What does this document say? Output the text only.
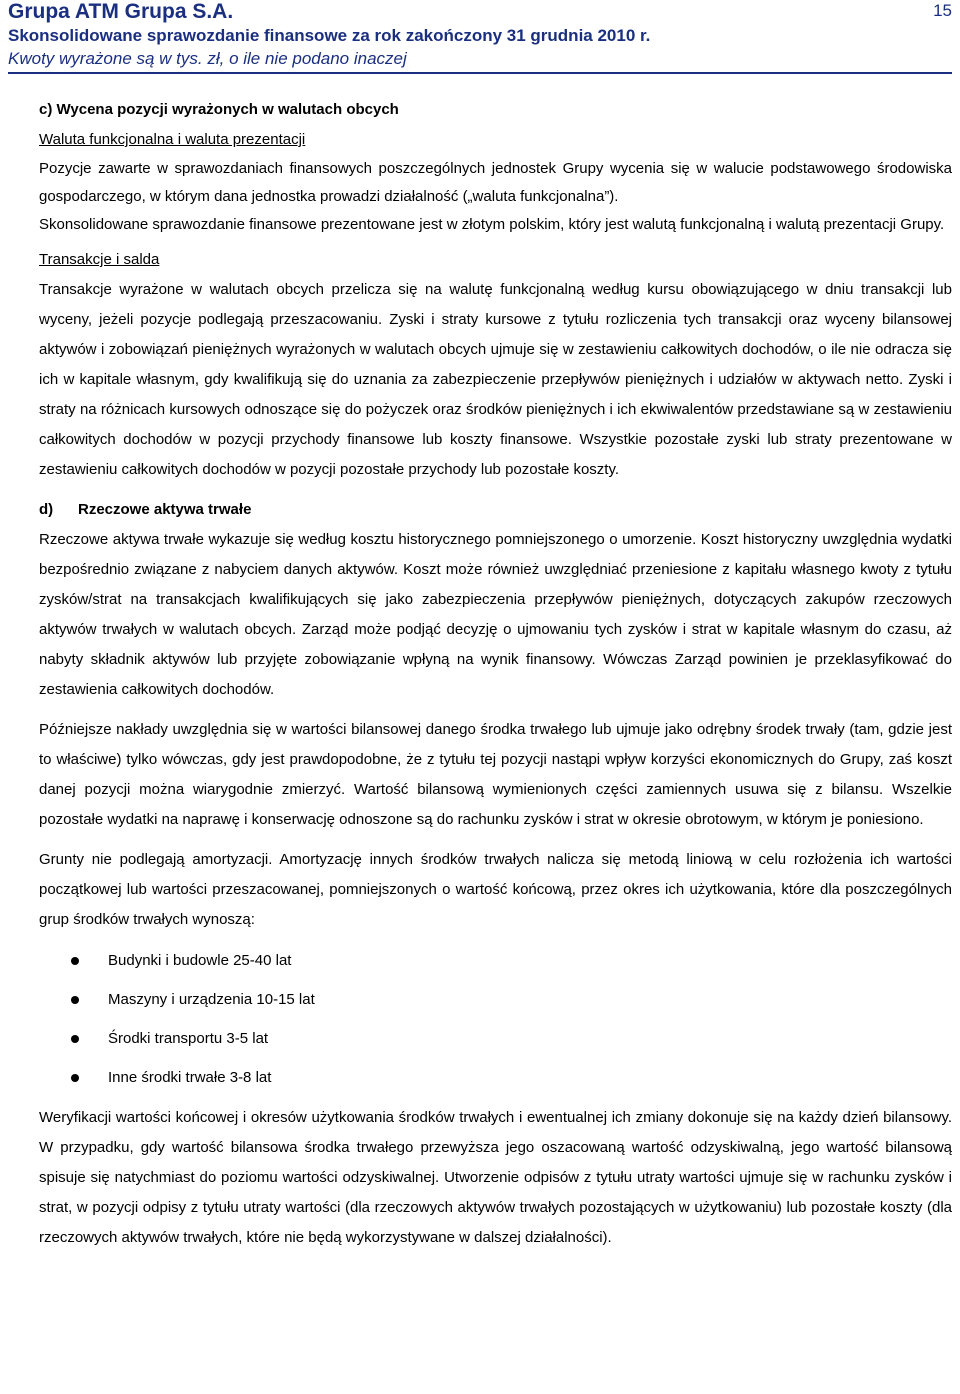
Grupa ATM Grupa S.A.	15
Skonsolidowane sprawozdanie finansowe za rok zakończony 31 grudnia 2010 r.
Kwoty wyrażone są w tys. zł, o ile nie podano inaczej

c) Wycena pozycji wyrażonych w walutach obcych

Waluta funkcjonalna i waluta prezentacji

Pozycje zawarte w sprawozdaniach finansowych poszczególnych jednostek Grupy wycenia się w walucie podstawowego środowiska gospodarczego, w którym dana jednostka prowadzi działalność („waluta funkcjonalna”).

Skonsolidowane sprawozdanie finansowe prezentowane jest w złotym polskim, który jest walutą funkcjonalną i walutą prezentacji Grupy.

Transakcje i salda

Transakcje wyrażone w walutach obcych przelicza się na walutę funkcjonalną według kursu obowiązującego w dniu transakcji lub wyceny, jeżeli pozycje podlegają przeszacowaniu. Zyski i straty kursowe z tytułu rozliczenia tych transakcji oraz wyceny bilansowej aktywów i zobowiązań pieniężnych wyrażonych w walutach obcych ujmuje się w zestawieniu całkowitych dochodów, o ile nie odracza się ich w kapitale własnym, gdy kwalifikują się do uznania za zabezpieczenie przepływów pieniężnych i udziałów w aktywach netto. Zyski i straty na różnicach kursowych odnoszące się do pożyczek oraz środków pieniężnych i ich ekwiwalentów przedstawiane są w zestawieniu całkowitych dochodów w pozycji przychody finansowe lub koszty finansowe. Wszystkie pozostałe zyski lub straty prezentowane w zestawieniu całkowitych dochodów w pozycji pozostałe przychody lub pozostałe koszty.

d) Rzeczowe aktywa trwałe

Rzeczowe aktywa trwałe wykazuje się według kosztu historycznego pomniejszonego o umorzenie. Koszt historyczny uwzględnia wydatki bezpośrednio związane z nabyciem danych aktywów. Koszt może również uwzględniać przeniesione z kapitału własnego kwoty z tytułu zysków/strat na transakcjach kwalifikujących się jako zabezpieczenia przepływów pieniężnych, dotyczących zakupów rzeczowych aktywów trwałych w walutach obcych. Zarząd może podjąć decyzję o ujmowaniu tych zysków i strat w kapitale własnym do czasu, aż nabyty składnik aktywów lub przyjęte zobowiązanie wpłyną na wynik finansowy. Wówczas Zarząd powinien je przeklasyfikować do zestawienia całkowitych dochodów.

Późniejsze nakłady uwzględnia się w wartości bilansowej danego środka trwałego lub ujmuje jako odrębny środek trwały (tam, gdzie jest to właściwe) tylko wówczas, gdy jest prawdopodobne, że z tytułu tej pozycji nastąpi wpływ korzyści ekonomicznych do Grupy, zaś koszt danej pozycji można wiarygodnie zmierzyć. Wartość bilansową wymienionych części zamiennych usuwa się z bilansu. Wszelkie pozostałe wydatki na naprawę i konserwację odnoszone są do rachunku zysków i strat w okresie obrotowym, w którym je poniesiono.

Grunty nie podlegają amortyzacji. Amortyzację innych środków trwałych nalicza się metodą liniową w celu rozłożenia ich wartości początkowej lub wartości przeszacowanej, pomniejszonych o wartość końcową, przez okres ich użytkowania, które dla poszczególnych grup środków trwałych wynoszą:

Budynki i budowle 25-40 lat
Maszyny i urządzenia 10-15 lat
Środki transportu 3-5 lat
Inne środki trwałe 3-8 lat

Weryfikacji wartości końcowej i okresów użytkowania środków trwałych i ewentualnej ich zmiany dokonuje się na każdy dzień bilansowy. W przypadku, gdy wartość bilansowa środka trwałego przewyższa jego oszacowaną wartość odzyskiwalną, jego wartość bilansową spisuje się natychmiast do poziomu wartości odzyskiwalnej. Utworzenie odpisów z tytułu utraty wartości ujmuje się w rachunku zysków i strat, w pozycji odpisy z tytułu utraty wartości (dla rzeczowych aktywów trwałych pozostających w użytkowaniu) lub pozostałe koszty (dla rzeczowych aktywów trwałych, które nie będą wykorzystywane w dalszej działalności).
